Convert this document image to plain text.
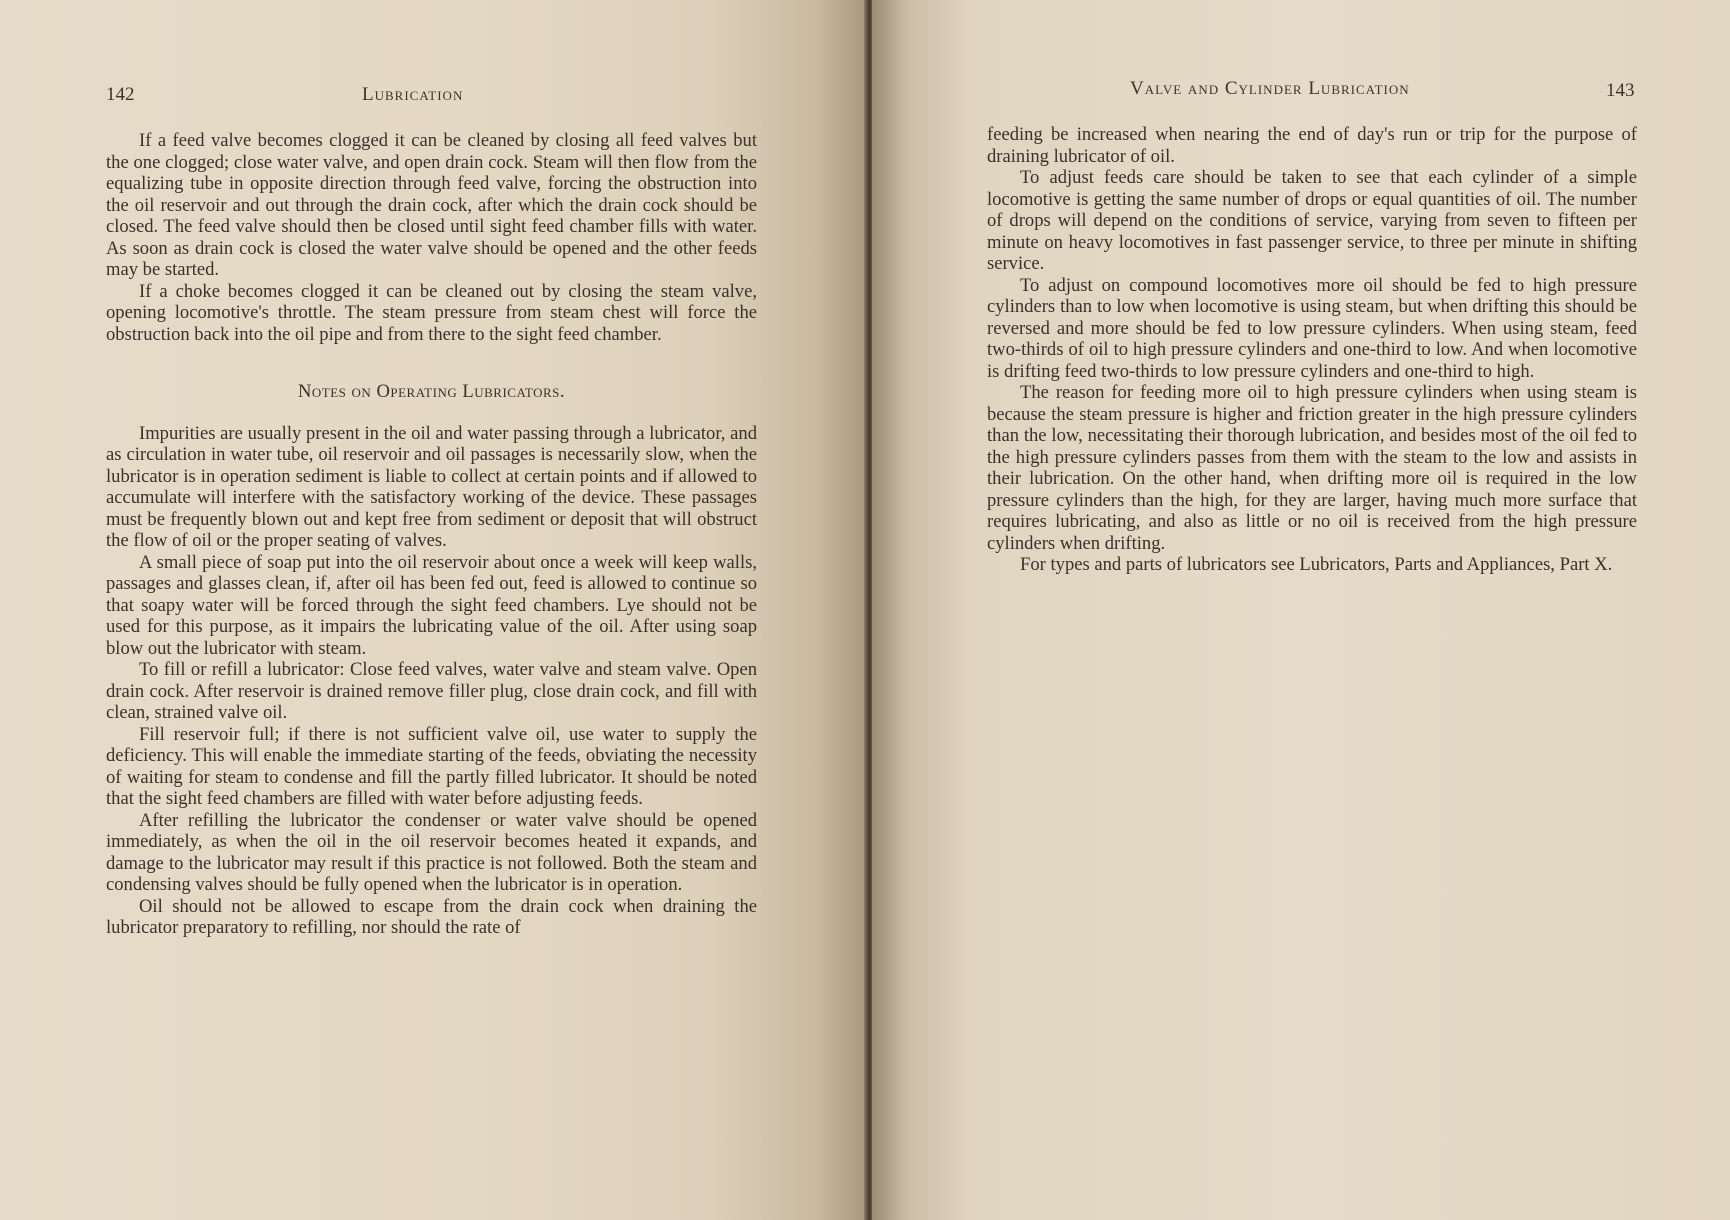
142	Lubrication

If a feed valve becomes clogged it can be cleaned by closing all feed valves but the one clogged; close water valve, and open drain cock. Steam will then flow from the equalizing tube in opposite direction through feed valve, forcing the obstruction into the oil reservoir and out through the drain cock, after which the drain cock should be closed. The feed valve should then be closed until sight feed chamber fills with water. As soon as drain cock is closed the water valve should be opened and the other feeds may be started.

If a choke becomes clogged it can be cleaned out by closing the steam valve, opening locomotive's throttle. The steam pressure from steam chest will force the obstruction back into the oil pipe and from there to the sight feed chamber.

Notes on Operating Lubricators.

Impurities are usually present in the oil and water passing through a lubricator, and as circulation in water tube, oil reservoir and oil passages is necessarily slow, when the lubricator is in operation sediment is liable to collect at certain points and if allowed to accumulate will interfere with the satisfactory working of the device. These passages must be frequently blown out and kept free from sediment or deposit that will obstruct the flow of oil or the proper seating of valves.

A small piece of soap put into the oil reservoir about once a week will keep walls, passages and glasses clean, if, after oil has been fed out, feed is allowed to continue so that soapy water will be forced through the sight feed chambers. Lye should not be used for this purpose, as it impairs the lubricating value of the oil. After using soap blow out the lubricator with steam.

To fill or refill a lubricator: Close feed valves, water valve and steam valve. Open drain cock. After reservoir is drained remove filler plug, close drain cock, and fill with clean, strained valve oil.

Fill reservoir full; if there is not sufficient valve oil, use water to supply the deficiency. This will enable the immediate starting of the feeds, obviating the necessity of waiting for steam to condense and fill the partly filled lubricator. It should be noted that the sight feed chambers are filled with water before adjusting feeds.

After refilling the lubricator the condenser or water valve should be opened immediately, as when the oil in the oil reservoir becomes heated it expands, and damage to the lubricator may result if this practice is not followed. Both the steam and condensing valves should be fully opened when the lubricator is in operation.

Oil should not be allowed to escape from the drain cock when draining the lubricator preparatory to refilling, nor should the rate of

Valve and Cylinder Lubrication	143

feeding be increased when nearing the end of day's run or trip for the purpose of draining lubricator of oil.

To adjust feeds care should be taken to see that each cylinder of a simple locomotive is getting the same number of drops or equal quantities of oil. The number of drops will depend on the conditions of service, varying from seven to fifteen per minute on heavy locomotives in fast passenger service, to three per minute in shifting service.

To adjust on compound locomotives more oil should be fed to high pressure cylinders than to low when locomotive is using steam, but when drifting this should be reversed and more should be fed to low pressure cylinders. When using steam, feed two-thirds of oil to high pressure cylinders and one-third to low. And when locomotive is drifting feed two-thirds to low pressure cylinders and one-third to high.

The reason for feeding more oil to high pressure cylinders when using steam is because the steam pressure is higher and friction greater in the high pressure cylinders than the low, necessitating their thorough lubrication, and besides most of the oil fed to the high pressure cylinders passes from them with the steam to the low and assists in their lubrication. On the other hand, when drifting more oil is required in the low pressure cylinders than the high, for they are larger, having much more surface that requires lubricating, and also as little or no oil is received from the high pressure cylinders when drifting.

For types and parts of lubricators see Lubricators, Parts and Appliances, Part X.
